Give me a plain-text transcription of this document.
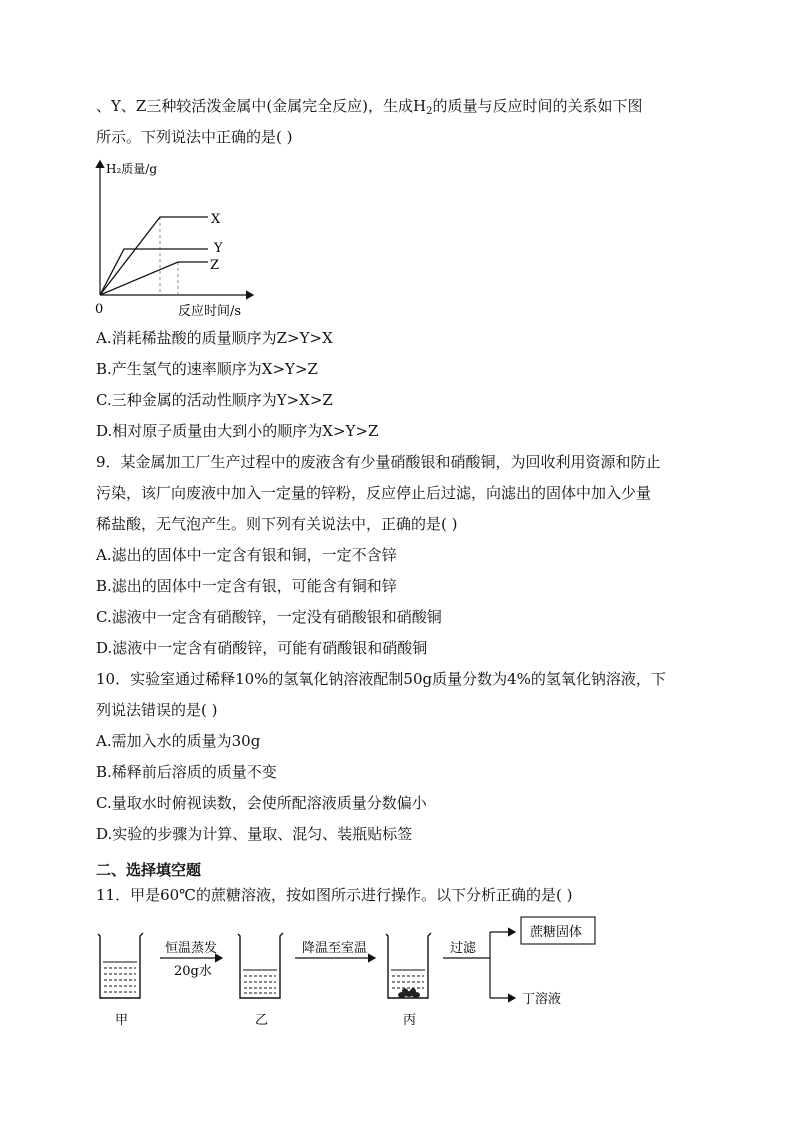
、Y、Z三种较活泼金属中(金属完全反应)，生成$H_2$的质量与反应时间的关系如下图
所示。下列说法中正确的是( )
H₂质量/g
0	反应时间/s
X
Y
Z
A.消耗稀盐酸的质量顺序为Z>Y>X
B.产生氢气的速率顺序为X>Y>Z
C.三种金属的活动性顺序为Y>X>Z
D.相对原子质量由大到小的顺序为X>Y>Z
9．某金属加工厂生产过程中的废液含有少量硝酸银和硝酸铜，为回收利用资源和防止
污染，该厂向废液中加入一定量的锌粉，反应停止后过滤，向滤出的固体中加入少量
稀盐酸，无气泡产生。则下列有关说法中，正确的是( )
A.滤出的固体中一定含有银和铜，一定不含锌
B.滤出的固体中一定含有银，可能含有铜和锌
C.滤液中一定含有硝酸锌，一定没有硝酸银和硝酸铜
D.滤液中一定含有硝酸锌，可能有硝酸银和硝酸铜
10．实验室通过稀释10%的氢氧化钠溶液配制50g质量分数为4%的氢氧化钠溶液，下
列说法错误的是( )
A.需加入水的质量为30g
B.稀释前后溶质的质量不变
C.量取水时俯视读数，会使所配溶液质量分数偏小
D.实验的步骤为计算、量取、混匀、装瓶贴标签
二、选择填空题
11．甲是60℃的蔗糖溶液，按如图所示进行操作。以下分析正确的是( )
甲
恒温蒸发
20g水
乙
降温至室温
丙
过滤
蔗糖固体
丁溶液
